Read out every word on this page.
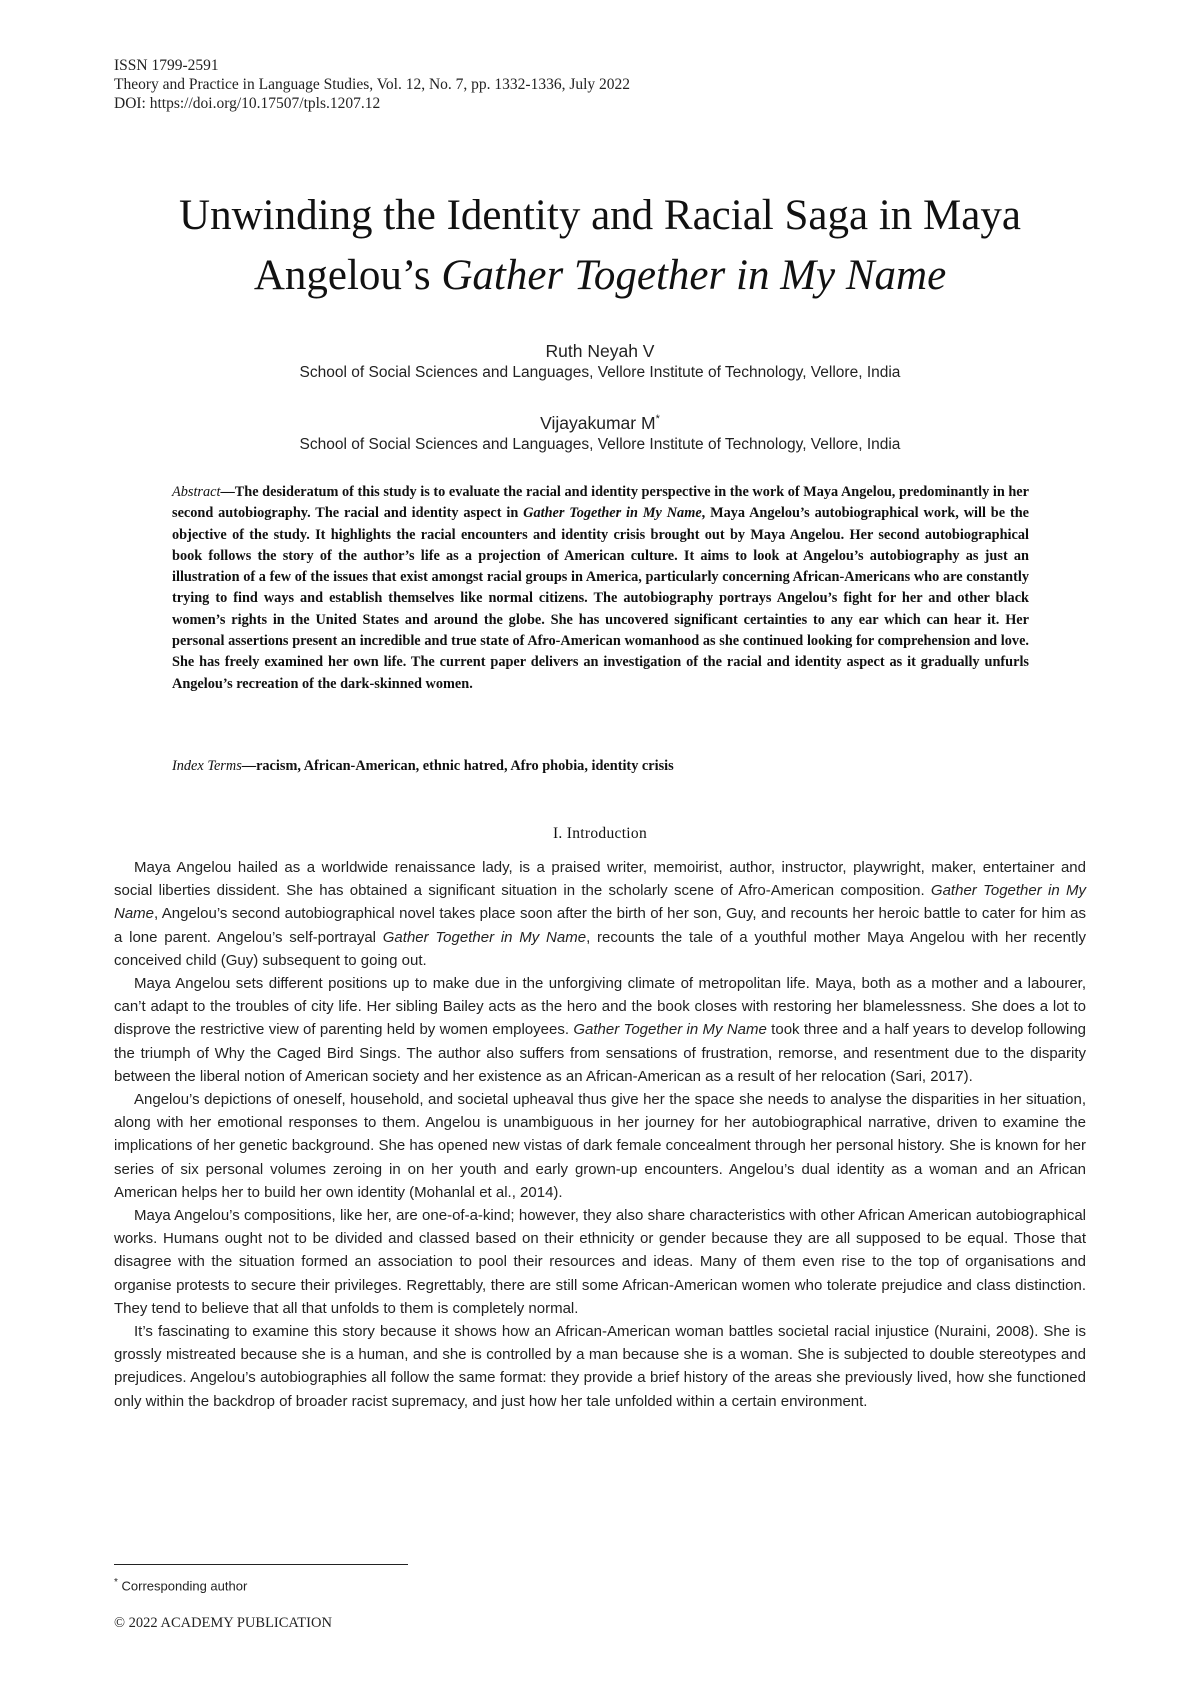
ISSN 1799-2591
Theory and Practice in Language Studies, Vol. 12, No. 7, pp. 1332-1336, July 2022
DOI: https://doi.org/10.17507/tpls.1207.12
Unwinding the Identity and Racial Saga in Maya
Angelou’s Gather Together in My Name
Ruth Neyah V
School of Social Sciences and Languages, Vellore Institute of Technology, Vellore, India
Vijayakumar M*
School of Social Sciences and Languages, Vellore Institute of Technology, Vellore, India
Abstract—The desideratum of this study is to evaluate the racial and identity perspective in the work of Maya Angelou, predominantly in her second autobiography. The racial and identity aspect in Gather Together in My Name, Maya Angelou’s autobiographical work, will be the objective of the study. It highlights the racial encounters and identity crisis brought out by Maya Angelou. Her second autobiographical book follows the story of the author’s life as a projection of American culture. It aims to look at Angelou’s autobiography as just an illustration of a few of the issues that exist amongst racial groups in America, particularly concerning African-Americans who are constantly trying to find ways and establish themselves like normal citizens. The autobiography portrays Angelou’s fight for her and other black women’s rights in the United States and around the globe. She has uncovered significant certainties to any ear which can hear it. Her personal assertions present an incredible and true state of Afro-American womanhood as she continued looking for comprehension and love. She has freely examined her own life. The current paper delivers an investigation of the racial and identity aspect as it gradually unfurls Angelou’s recreation of the dark-skinned women.
Index Terms—racism, African-American, ethnic hatred, Afro phobia, identity crisis
I. Introduction

Maya Angelou hailed as a worldwide renaissance lady, is a praised writer, memoirist, author, instructor, playwright, maker, entertainer and social liberties dissident. She has obtained a significant situation in the scholarly scene of Afro-American composition. Gather Together in My Name, Angelou’s second autobiographical novel takes place soon after the birth of her son, Guy, and recounts her heroic battle to cater for him as a lone parent. Angelou’s self-portrayal Gather Together in My Name, recounts the tale of a youthful mother Maya Angelou with her recently conceived child (Guy) subsequent to going out.

Maya Angelou sets different positions up to make due in the unforgiving climate of metropolitan life. Maya, both as a mother and a labourer, can’t adapt to the troubles of city life. Her sibling Bailey acts as the hero and the book closes with restoring her blamelessness. She does a lot to disprove the restrictive view of parenting held by women employees. Gather Together in My Name took three and a half years to develop following the triumph of Why the Caged Bird Sings. The author also suffers from sensations of frustration, remorse, and resentment due to the disparity between the liberal notion of American society and her existence as an African-American as a result of her relocation (Sari, 2017).

Angelou’s depictions of oneself, household, and societal upheaval thus give her the space she needs to analyse the disparities in her situation, along with her emotional responses to them. Angelou is unambiguous in her journey for her autobiographical narrative, driven to examine the implications of her genetic background. She has opened new vistas of dark female concealment through her personal history. She is known for her series of six personal volumes zeroing in on her youth and early grown-up encounters. Angelou’s dual identity as a woman and an African American helps her to build her own identity (Mohanlal et al., 2014).

Maya Angelou’s compositions, like her, are one-of-a-kind; however, they also share characteristics with other African American autobiographical works. Humans ought not to be divided and classed based on their ethnicity or gender because they are all supposed to be equal. Those that disagree with the situation formed an association to pool their resources and ideas. Many of them even rise to the top of organisations and organise protests to secure their privileges. Regrettably, there are still some African-American women who tolerate prejudice and class distinction. They tend to believe that all that unfolds to them is completely normal.

It’s fascinating to examine this story because it shows how an African-American woman battles societal racial injustice (Nuraini, 2008). She is grossly mistreated because she is a human, and she is controlled by a man because she is a woman. She is subjected to double stereotypes and prejudices. Angelou’s autobiographies all follow the same format: they provide a brief history of the areas she previously lived, how she functioned only within the backdrop of broader racist supremacy, and just how her tale unfolded within a certain environment.

* Corresponding author
© 2022 ACADEMY PUBLICATION
